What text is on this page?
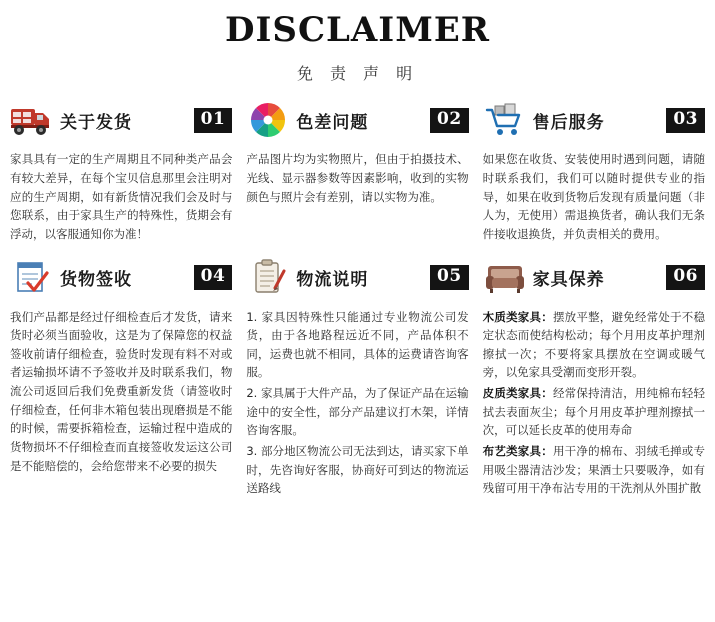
DISCLAIMER
免 责 声 明
关于发货	01

家具具有一定的生产周期且不同种类产品会有较大差异，在每个宝贝信息那里会注明对应的生产周期，如有新货情况我们会及时与您联系，由于家具生产的特殊性，货期会有浮动，以客服通知你为准！

色差问题	02

产品图片均为实物照片，但由于拍摄技术、光线、显示器参数等因素影响，收到的实物颜色与照片会有差别，请以实物为准。

售后服务	03

如果您在收货、安装使用时遇到问题，请随时联系我们，我们可以随时提供专业的指导，如果在收到货物后发现有质量问题（非人为，无使用）需退换货者，确认我们无条件接收退换货，并负责相关的费用。

货物签收	04

我们产品都是经过仔细检查后才发货，请来货时必须当面验收，这是为了保障您的权益签收前请仔细检查，验货时发现有料不对或者运输损坏请不予签收并及时联系我们，物流公司返回后我们免费重新发货（请签收时仔细检查，任何非木箱包装出现磨损是不能的时候，需要拆箱检查，运输过程中造成的货物损坏不仔细检查而直接签收发运这公司是不能赔偿的，会给您带来不必要的损失

物流说明	05

1. 家具因特殊性只能通过专业物流公司发货，由于各地路程远近不同，产品体积不同，运费也就不相同，具体的运费请咨询客服。

2. 家具属于大件产品，为了保证产品在运输途中的安全性，部分产品建议打木架，详情咨询客服。

3. 部分地区物流公司无法到达，请买家下单时，先咨询好客服，协商好可到达的物流运送路线

家具保养	06

木质类家具：摆放平整，避免经常处于不稳定状态而使结构松动；每个月用皮革护理剂擦拭一次；不要将家具摆放在空调或暖气旁，以免家具受潮而变形开裂。

皮质类家具：经常保持清洁，用纯棉布轻轻拭去表面灰尘；每个月用皮革护理剂擦拭一次，可以延长皮革的使用寿命

布艺类家具：用干净的棉布、羽绒毛掸或专用吸尘器清洁沙发；果酒士只要吸净，如有残留可用干净布沾专用的干洗剂从外围扩散
